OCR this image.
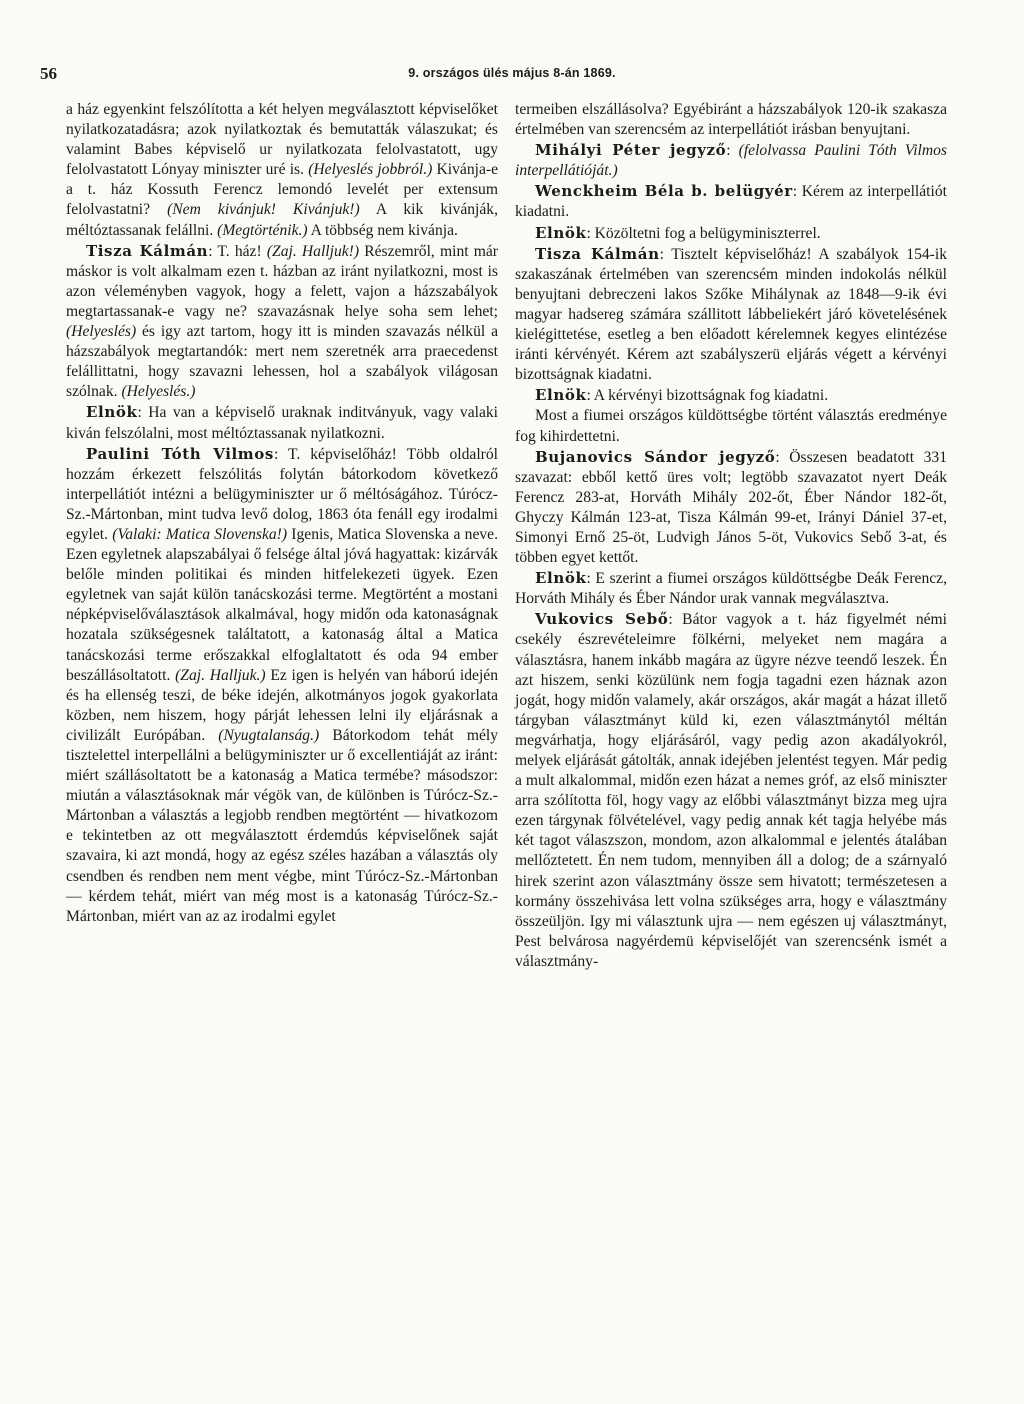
56	9. országos ülés május 8-án 1869.

a ház egyenkint felszólította a két helyen megválasztott képviselőket nyilatkozatadásra; azok nyilatkoztak és bemutatták válaszukat; és valamint Babes képviselő ur nyilatkozata felolvastatott, ugy felolvastatott Lónyay miniszter uré is. (Helyeslés jobbról.) Kivánja-e a t. ház Kossuth Ferencz lemondó levelét per extensum felolvastatni? (Nem kivánjuk! Kivánjuk!) A kik kivánják, méltóztassanak felállni. (Megtörténik.) A többség nem kivánja.

Tisza Kálmán: T. ház! (Zaj. Halljuk!) Részemről, mint már máskor is volt alkalmam ezen t. házban az iránt nyilatkozni, most is azon véleményben vagyok, hogy a felett, vajon a házszabályok megtartassanak-e vagy ne? szavazásnak helye soha sem lehet; (Helyeslés) és igy azt tartom, hogy itt is minden szavazás nélkül a házszabályok megtartandók: mert nem szeretnék arra praecedenst felállittatni, hogy szavazni lehessen, hol a szabályok világosan szólnak. (Helyeslés.)

Elnök: Ha van a képviselő uraknak inditványuk, vagy valaki kiván felszólalni, most méltóztassanak nyilatkozni.

Paulini Tóth Vilmos: T. képviselőház! Több oldalról hozzám érkezett felszólitás folytán bátorkodom következő interpellátiót intézni a belügyminiszter ur ő méltóságához. Túrócz-Sz.-Mártonban, mint tudva levő dolog, 1863 óta fenáll egy irodalmi egylet. (Valaki: Matica Slovenska!) Igenis, Matica Slovenska a neve. Ezen egyletnek alapszabályai ő felsége által jóvá hagyattak: kizárvák belőle minden politikai és minden hitfelekezeti ügyek. Ezen egyletnek van saját külön tanácskozási terme. Megtörtént a mostani népképviselőválasztások alkalmával, hogy midőn oda katonaságnak hozatala szükségesnek találtatott, a katonaság által a Matica tanácskozási terme erőszakkal elfoglaltatott és oda 94 ember beszállásoltatott. (Zaj. Halljuk.) Ez igen is helyén van háború idején és ha ellenség teszi, de béke idején, alkotmányos jogok gyakorlata közben, nem hiszem, hogy párját lehessen lelni ily eljárásnak a civilizált Európában. (Nyugtalanság.) Bátorkodom tehát mély tisztelettel interpellálni a belügyminiszter ur ő excellentiáját az iránt: miért szállásoltatott be a katonaság a Matica termébe? másodszor: miután a választásoknak már végök van, de különben is Túrócz-Sz.-Mártonban a választás a legjobb rendben megtörtént — hivatkozom e tekintetben az ott megválasztott érdemdús képviselőnek saját szavaira, ki azt mondá, hogy az egész széles hazában a választás oly csendben és rendben nem ment végbe, mint Túrócz-Sz.-Mártonban — kérdem tehát, miért van még most is a katonaság Túrócz-Sz.-Mártonban, miért van az az irodalmi egylet

termeiben elszállásolva? Egyébiránt a házszabályok 120-ik szakasza értelmében van szerencsém az interpellátiót irásban benyujtani.

Mihályi Péter jegyző: (felolvassa Paulini Tóth Vilmos interpellátióját.)

Wenckheim Béla b. belügyér: Kérem az interpellátiót kiadatni.

Elnök: Közöltetni fog a belügyminiszterrel.

Tisza Kálmán: Tisztelt képviselőház! A szabályok 154-ik szakaszának értelmében van szerencsém minden indokolás nélkül benyujtani debreczeni lakos Szőke Mihálynak az 1848—9-ik évi magyar hadsereg számára szállitott lábbeliekért járó követelésének kielégittetése, esetleg a ben előadott kérelemnek kegyes elintézése iránti kérvényét. Kérem azt szabályszerü eljárás végett a kérvényi bizottságnak kiadatni.

Elnök: A kérvényi bizottságnak fog kiadatni.

Most a fiumei országos küldöttségbe történt választás eredménye fog kihirdettetni.

Bujanovics Sándor jegyző: Összesen beadatott 331 szavazat: ebből kettő üres volt; legtöbb szavazatot nyert Deák Ferencz 283-at, Horváth Mihály 202-őt, Éber Nándor 182-őt, Ghyczy Kálmán 123-at, Tisza Kálmán 99-et, Irányi Dániel 37-et, Simonyi Ernő 25-öt, Ludvigh János 5-öt, Vukovics Sebő 3-at, és többen egyet kettőt.

Elnök: E szerint a fiumei országos küldöttségbe Deák Ferencz, Horváth Mihály és Éber Nándor urak vannak megválasztva.

Vukovics Sebő: Bátor vagyok a t. ház figyelmét némi csekély észrevételeimre fölkérni, melyeket nem magára a választásra, hanem inkább magára az ügyre nézve teendő leszek. Én azt hiszem, senki közülünk nem fogja tagadni ezen háznak azon jogát, hogy midőn valamely, akár országos, akár magát a házat illető tárgyban választmányt küld ki, ezen választmánytól méltán megvárhatja, hogy eljárásáról, vagy pedig azon akadályokról, melyek eljárását gátolták, annak idejében jelentést tegyen. Már pedig a mult alkalommal, midőn ezen házat a nemes gróf, az első miniszter arra szólította föl, hogy vagy az előbbi választmányt bizza meg ujra ezen tárgynak fölvételével, vagy pedig annak két tagja helyébe más két tagot válaszszon, mondom, azon alkalommal e jelentés átalában mellőztetett. Én nem tudom, mennyiben áll a dolog; de a szárnyaló hirek szerint azon választmány össze sem hivatott; természetesen a kormány összehivása lett volna szükséges arra, hogy e választmány összeüljön. Igy mi választunk ujra — nem egészen uj választmányt, Pest belvárosa nagyérdemü képviselőjét van szerencsénk ismét a választmány-
